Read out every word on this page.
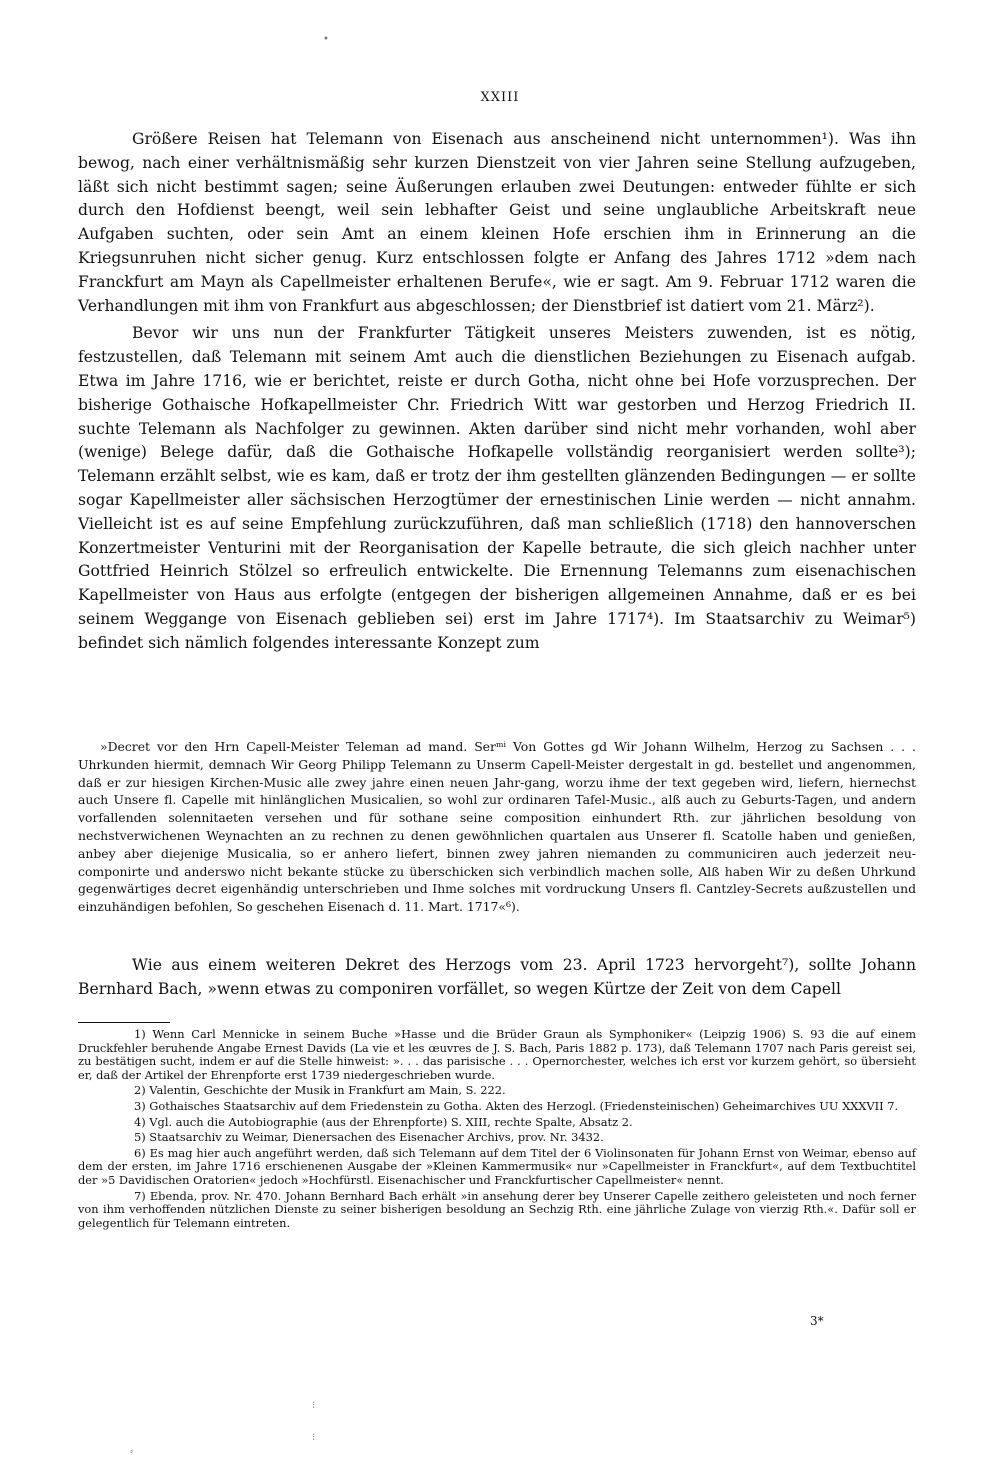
•
XXIII

Größere Reisen hat Telemann von Eisenach aus anscheinend nicht unternommen¹). Was ihn bewog, nach einer verhältnismäßig sehr kurzen Dienstzeit von vier Jahren seine Stellung aufzugeben, läßt sich nicht bestimmt sagen; seine Äußerungen erlauben zwei Deutungen: entweder fühlte er sich durch den Hofdienst beengt, weil sein lebhafter Geist und seine unglaubliche Arbeitskraft neue Aufgaben suchten, oder sein Amt an einem kleinen Hofe erschien ihm in Erinnerung an die Kriegsunruhen nicht sicher genug. Kurz entschlossen folgte er Anfang des Jahres 1712 »dem nach Franckfurt am Mayn als Capellmeister erhaltenen Berufe«, wie er sagt. Am 9. Februar 1712 waren die Verhandlungen mit ihm von Frankfurt aus abgeschlossen; der Dienstbrief ist datiert vom 21. März²).

Bevor wir uns nun der Frankfurter Tätigkeit unseres Meisters zuwenden, ist es nötig, festzustellen, daß Telemann mit seinem Amt auch die dienstlichen Beziehungen zu Eisenach aufgab. Etwa im Jahre 1716, wie er berichtet, reiste er durch Gotha, nicht ohne bei Hofe vorzusprechen. Der bisherige Gothaische Hofkapellmeister Chr. Friedrich Witt war gestorben und Herzog Friedrich II. suchte Telemann als Nachfolger zu gewinnen. Akten darüber sind nicht mehr vorhanden, wohl aber (wenige) Belege dafür, daß die Gothaische Hofkapelle vollständig reorganisiert werden sollte³); Telemann erzählt selbst, wie es kam, daß er trotz der ihm gestellten glänzenden Bedingungen — er sollte sogar Kapellmeister aller sächsischen Herzogtümer der ernestinischen Linie werden — nicht annahm. Vielleicht ist es auf seine Empfehlung zurückzuführen, daß man schließlich (1718) den hannoverschen Konzertmeister Venturini mit der Reorganisation der Kapelle betraute, die sich gleich nachher unter Gottfried Heinrich Stölzel so erfreulich entwickelte. Die Ernennung Telemanns zum eisenachischen Kapellmeister von Haus aus erfolgte (entgegen der bisherigen allgemeinen Annahme, daß er es bei seinem Weggange von Eisenach geblieben sei) erst im Jahre 1717⁴). Im Staatsarchiv zu Weimar⁵) befindet sich nämlich folgendes interessante Konzept zum

»Decret vor den Hrn Capell-Meister Teleman ad mand. Serᵐⁱ Von Gottes gd Wir Johann Wilhelm, Herzog zu Sachsen . . . Uhrkunden hiermit, demnach Wir Georg Philipp Telemann zu Unserm Capell-Meister dergestalt in gd. bestellet und angenommen, daß er zur hiesigen Kirchen-Music alle zwey jahre einen neuen Jahr-gang, worzu ihme der text gegeben wird, liefern, hiernechst auch Unsere fl. Capelle mit hinlänglichen Musicalien, so wohl zur ordinaren Tafel-Music., alß auch zu Geburts-Tagen, und andern vorfallenden solennitaeten versehen und für sothane seine composition einhundert Rth. zur jährlichen besoldung von nechstverwichenen Weynachten an zu rechnen zu denen gewöhnlichen quartalen aus Unserer fl. Scatolle haben und genießen, anbey aber diejenige Musicalia, so er anhero liefert, binnen zwey jahren niemanden zu communiciren auch jederzeit neu-componirte und anderswo nicht bekante stücke zu überschicken sich verbindlich machen solle, Alß haben Wir zu deßen Uhrkund gegenwärtiges decret eigenhändig unterschrieben und Ihme solches mit vordruckung Unsers fl. Cantzley-Secrets außzustellen und einzuhändigen befohlen, So geschehen Eisenach d. 11. Mart. 1717«⁶).
Wie aus einem weiteren Dekret des Herzogs vom 23. April 1723 hervorgeht⁷), sollte Johann Bernhard Bach, »wenn etwas zu componiren vorfället, so wegen Kürtze der Zeit von dem Capell

1) Wenn Carl Mennicke in seinem Buche »Hasse und die Brüder Graun als Symphoniker« (Leipzig 1906) S. 93 die auf einem Druckfehler beruhende Angabe Ernest Davids (La vie et les œuvres de J. S. Bach, Paris 1882 p. 173), daß Telemann 1707 nach Paris gereist sei, zu bestätigen sucht, indem er auf die Stelle hinweist: ». . . das parisische . . . Opernorchester, welches ich erst vor kurzem gehört, so übersieht er, daß der Artikel der Ehrenpforte erst 1739 niedergeschrieben wurde.

2) Valentin, Geschichte der Musik in Frankfurt am Main, S. 222.

3) Gothaisches Staatsarchiv auf dem Friedenstein zu Gotha. Akten des Herzogl. (Friedensteinischen) Geheimarchives UU XXXVII 7.

4) Vgl. auch die Autobiographie (aus der Ehrenpforte) S. XIII, rechte Spalte, Absatz 2.

5) Staatsarchiv zu Weimar, Dienersachen des Eisenacher Archivs, prov. Nr. 3432.

6) Es mag hier auch angeführt werden, daß sich Telemann auf dem Titel der 6 Violinsonaten für Johann Ernst von Weimar, ebenso auf dem der ersten, im Jahre 1716 erschienenen Ausgabe der »Kleinen Kammermusik« nur »Capellmeister in Franckfurt«, auf dem Textbuchtitel der »5 Davidischen Oratorien« jedoch »Hochfürstl. Eisenachischer und Franckfurtischer Capellmeister« nennt.

7) Ebenda, prov. Nr. 470. Johann Bernhard Bach erhält »in ansehung derer bey Unserer Capelle zeithero geleisteten und noch ferner von ihm verhoffenden nützlichen Dienste zu seiner bisherigen besoldung an Sechzig Rth. eine jährliche Zulage von vierzig Rth.«. Dafür soll er gelegentlich für Telemann eintreten.

3*
⁝
⁝
⸗
